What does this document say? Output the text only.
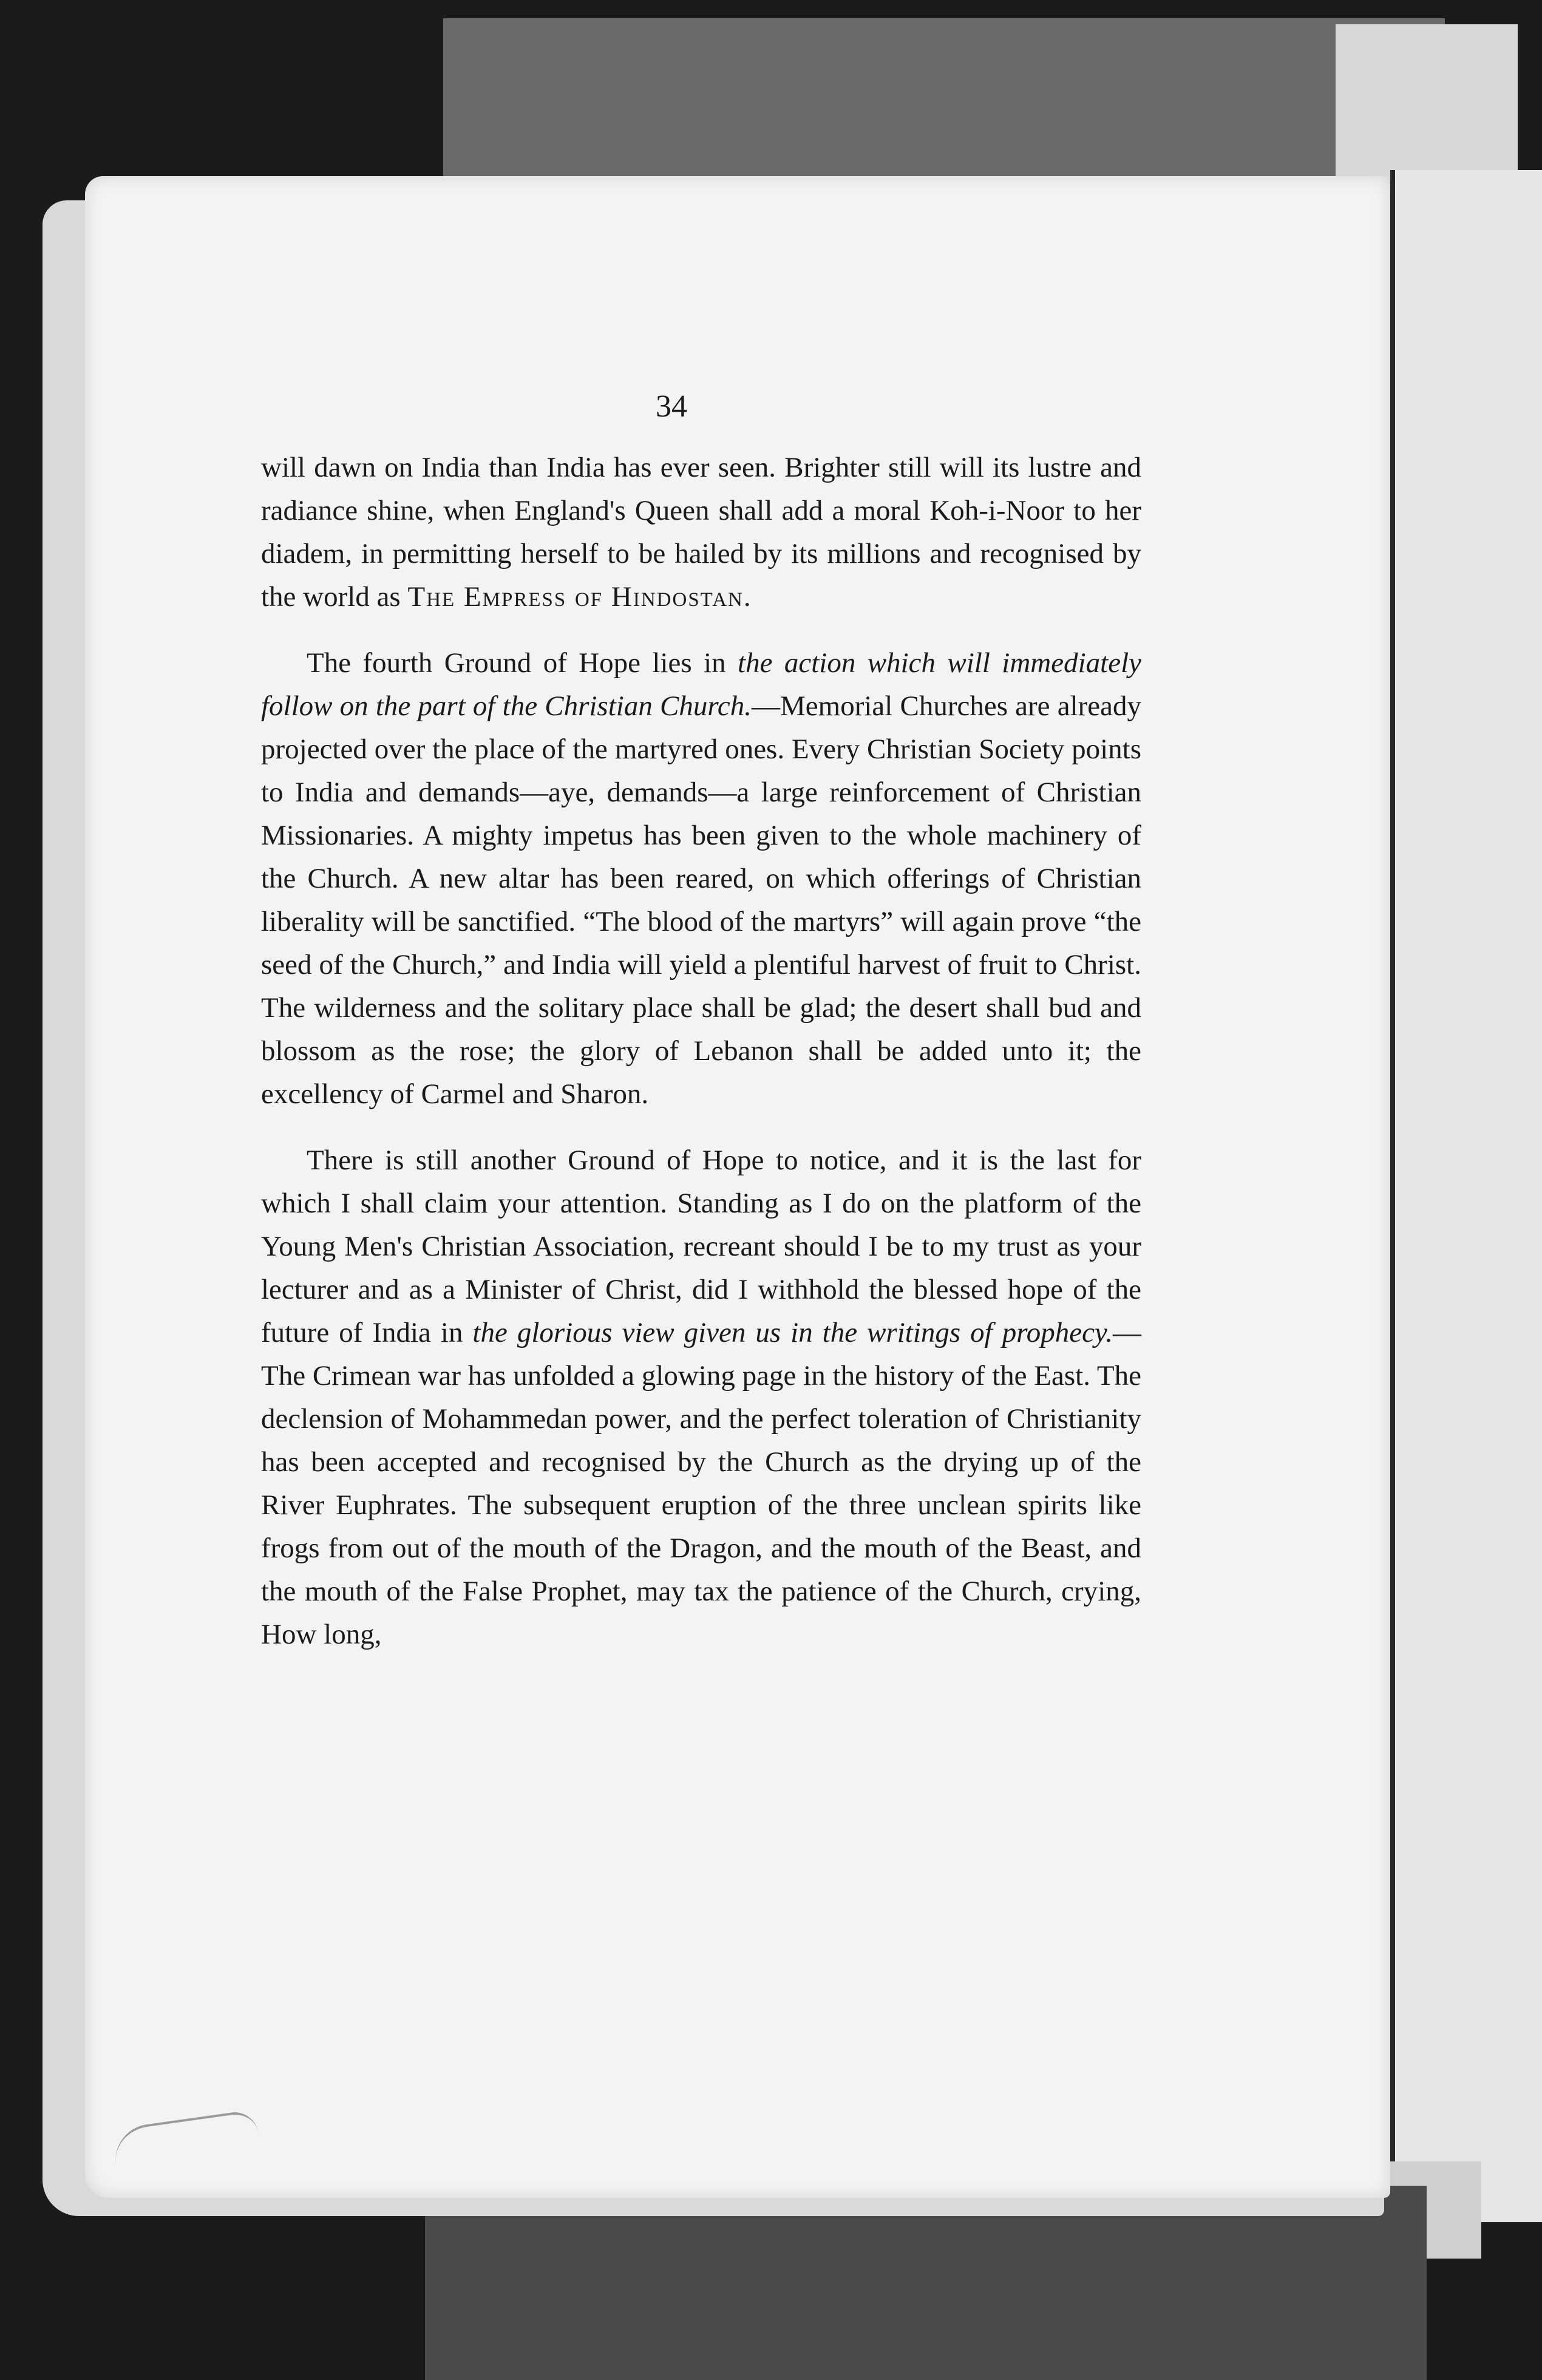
34

will dawn on India than India has ever seen. Brighter still will its lustre and radiance shine, when England's Queen shall add a moral Koh-i-Noor to her diadem, in permitting herself to be hailed by its millions and recognised by the world as The Empress of Hindostan.

The fourth Ground of Hope lies in the action which will immediately follow on the part of the Christian Church.—Memorial Churches are already projected over the place of the martyred ones. Every Christian Society points to India and demands—aye, demands—a large reinforcement of Christian Missionaries. A mighty impetus has been given to the whole machinery of the Church. A new altar has been reared, on which offerings of Christian liberality will be sanctified. “The blood of the martyrs” will again prove “the seed of the Church,” and India will yield a plentiful harvest of fruit to Christ. The wilderness and the solitary place shall be glad; the desert shall bud and blossom as the rose; the glory of Lebanon shall be added unto it; the excellency of Carmel and Sharon.

There is still another Ground of Hope to notice, and it is the last for which I shall claim your attention. Standing as I do on the platform of the Young Men's Christian Association, recreant should I be to my trust as your lecturer and as a Minister of Christ, did I withhold the blessed hope of the future of India in the glorious view given us in the writings of prophecy.—The Crimean war has unfolded a glowing page in the history of the East. The declension of Mohammedan power, and the perfect toleration of Christianity has been accepted and recognised by the Church as the drying up of the River Euphrates. The subsequent eruption of the three unclean spirits like frogs from out of the mouth of the Dragon, and the mouth of the Beast, and the mouth of the False Prophet, may tax the patience of the Church, crying, How long,
